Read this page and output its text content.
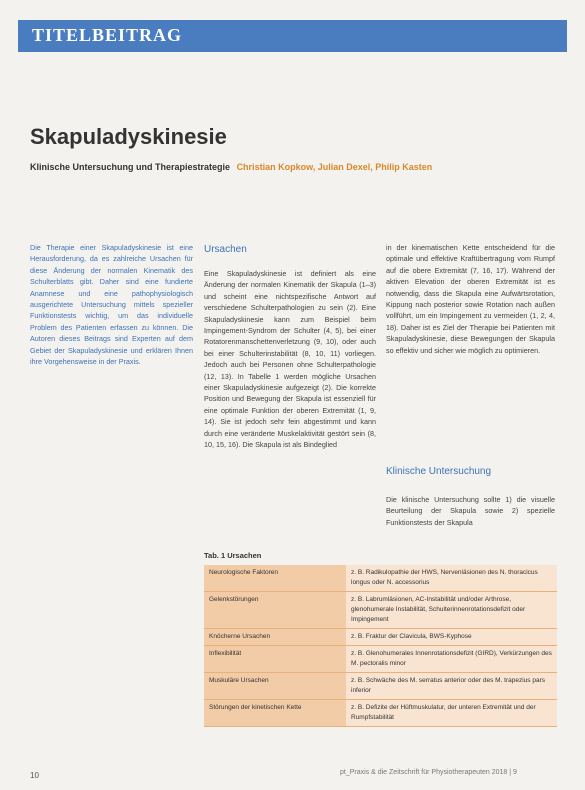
TITELBEITRAG
Skapuladyskinesie
Klinische Untersuchung und Therapiestrategie Christian Kopkow, Julian Dexel, Philip Kasten
Die Therapie einer Skapuladyskinesie ist eine Herausforderung, da es zahlreiche Ursachen für diese Änderung der normalen Kinematik des Schulterblatts gibt. Daher sind eine fundierte Anamnese und eine pathophysiologisch ausgerichtete Untersuchung mittels spezieller Funktionstests wichtig, um das individuelle Problem des Patienten erfassen zu können. Die Autoren dieses Beitrags sind Experten auf dem Gebiet der Skapuladyskinesie und erklären Ihnen ihre Vorgehensweise in der Praxis.
Ursachen

Eine Skapuladyskinesie ist definiert als eine Änderung der normalen Kinematik der Skapula (1–3) und scheint eine nichtspezifische Antwort auf verschiedene Schulterpathologien zu sein (2). Eine Skapuladyskinesie kann zum Beispiel beim Impingement-Syndrom der Schulter (4, 5), bei einer Rotatorenmanschettenverletzung (9, 10), oder auch bei einer Schulterinstabilität (8, 10, 11) vorliegen. Jedoch auch bei Personen ohne Schulterpathologie (12, 13). In Tabelle 1 werden mögliche Ursachen einer Skapuladyskinesie aufgezeigt (2). Die korrekte Position und Bewegung der Skapula ist essenziell für eine optimale Funktion der oberen Extremität (1, 9, 14). Sie ist jedoch sehr fein abgestimmt und kann durch eine veränderte Muskelaktivität gestört sein (8, 10, 15, 16). Die Skapula ist als Bindeglied

in der kinematischen Kette entscheidend für die optimale und effektive Kraftübertragung vom Rumpf auf die obere Extremität (7, 16, 17). Während der aktiven Elevation der oberen Extremität ist es notwendig, dass die Skapula eine Aufwärtsrotation, Kippung nach posterior sowie Rotation nach außen vollführt, um ein Impingement zu vermeiden (1, 2, 4, 18). Daher ist es Ziel der Therapie bei Patienten mit Skapuladyskinesie, diese Bewegungen der Skapula so effektiv und sicher wie möglich zu optimieren.

Klinische Untersuchung

Die klinische Untersuchung sollte 1) die visuelle Beurteilung der Skapula sowie 2) spezielle Funktionstests der Skapula

Tab. 1 Ursachen
Neurologische Faktoren	z. B. Radikulopathie der HWS, Nervenläsionen des N. thoracicus longus oder N. accessorius
Gelenkstörungen	z. B. Labrumläsionen, AC-Instabilität und/oder Arthrose, glenohumerale Instabilität, Schulterinnenrotationsdefizit oder Impingement
Knöcherne Ursachen	z. B. Fraktur der Clavicula, BWS-Kyphose
Inflexibilität	z. B. Glenohumerales Innenrotationsdefizit (GIRD), Verkürzungen des M. pectoralis minor
Muskuläre Ursachen	z. B. Schwäche des M. serratus anterior oder des M. trapezius pars inferior
Störungen der kinetischen Kette	z. B. Defizite der Hüftmuskulatur, der unteren Extremität und der Rumpfstabilität
10	pt_Praxis & die Zeitschrift für Physiotherapeuten 2018 | 9
